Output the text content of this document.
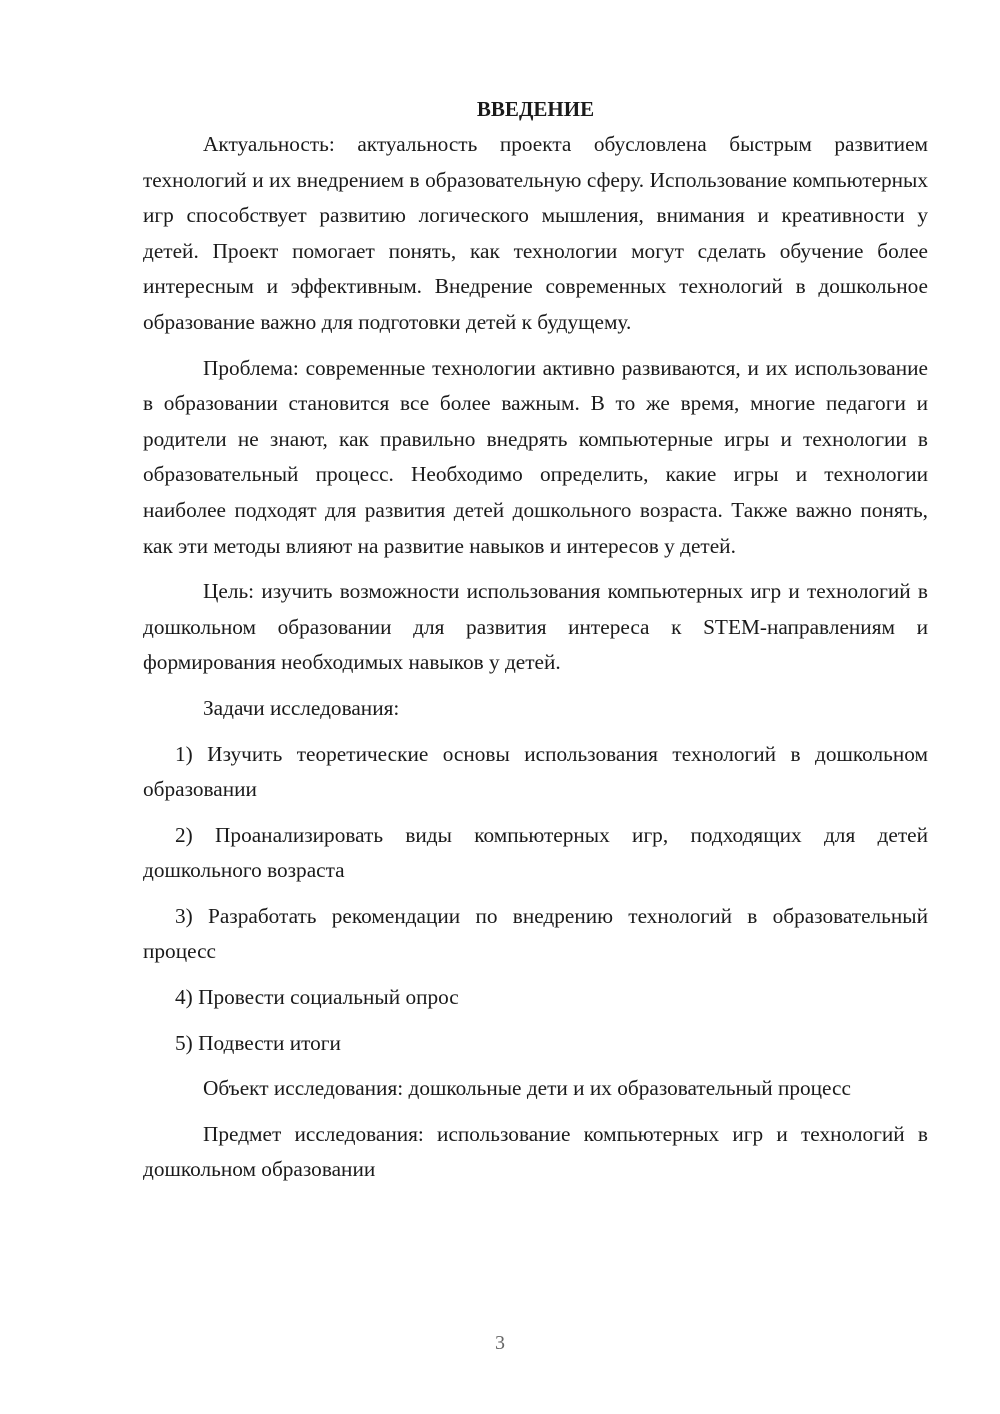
ВВЕДЕНИЕ

Актуальность: актуальность проекта обусловлена быстрым развитием технологий и их внедрением в образовательную сферу. Использование компьютерных игр способствует развитию логического мышления, внимания и креативности у детей. Проект помогает понять, как технологии могут сделать обучение более интересным и эффективным. Внедрение современных технологий в дошкольное образование важно для подготовки детей к будущему.

Проблема: современные технологии активно развиваются, и их использование в образовании становится все более важным. В то же время, многие педагоги и родители не знают, как правильно внедрять компьютерные игры и технологии в образовательный процесс. Необходимо определить, какие игры и технологии наиболее подходят для развития детей дошкольного возраста. Также важно понять, как эти методы влияют на развитие навыков и интересов у детей.

Цель: изучить возможности использования компьютерных игр и технологий в дошкольном образовании для развития интереса к STEM-направлениям и формирования необходимых навыков у детей.

Задачи исследования:

1) Изучить теоретические основы использования технологий в дошкольном образовании

2) Проанализировать виды компьютерных игр, подходящих для детей дошкольного возраста

3) Разработать рекомендации по внедрению технологий в образовательный процесс

4) Провести социальный опрос

5) Подвести итоги

Объект исследования: дошкольные дети и их образовательный процесс

Предмет исследования: использование компьютерных игр и технологий в дошкольном образовании

3
